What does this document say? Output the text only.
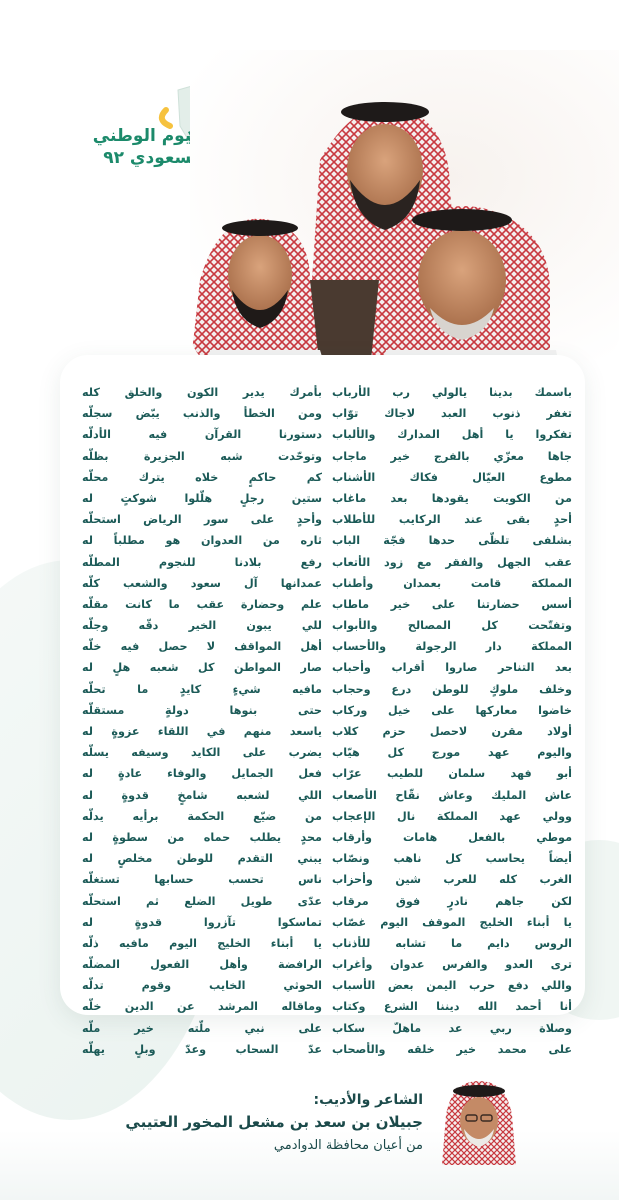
اليوم الوطني
السعودي ٩٢
باسمك بدينا يالولي رب الأرباب
تغفر ذنوب العبد لاجاك توّاب
تفكروا يا أهل المدارك والألباب
جاها معزّي بالفرج خير ماجاب
مطوع العيّال فكاك الأشناب
من الكويت يقودها بعد ماغاب
أحدٍ بقى عند الركايب للأطلاب
بشلفى تلظّى حدها فجّة الباب
عقب الجهل والفقر مع زود الأتعاب
المملكة قامت بعمدان وأطناب
أسس حضارتنا على خير ماطاب
وتفتّحت كل المصالح والأبواب
المملكة دار الرجولة والأحساب
بعد التناحر صاروا أقراب وأحباب
وخلف ملوكٍ للوطن درع وحجاب
خاضوا معاركها على خيل وركاب
أولاد مقرن لاحصل حزم كلاب
واليوم عهد مورج كل هيّاب
أبو فهد سلمان للطيب عرّاب
عاش المليك وعاش نقّاح الأصعاب
وولي عهد المملكة نال الإعجاب
موطي بالفعل هامات وأرقاب
أيضاً يحاسب كل ناهب ونصّاب
الغرب كله للعرب شين وأحزاب
لكن جاهم نادرٍ فوق مرقاب
يا أبناء الخليج الموقف اليوم غصّاب
الروس دايم ما تشابه للأذناب
ترى العدو والفرس عدوان وأغراب
واللي دفع حرب اليمن بعض الأسباب
أنا أحمد الله ديننا الشرع وكتاب
وصلاة ربي عد ماهلّ سكاب
على محمد خير خلقه والأصحاب
بأمرك يدير الكون والخلق كله
ومن الخطأ والذنب يبّض سجلّه
دستورنا القرآن فيه الأدلّه
وتوحّدت شبه الجزيرة بظلّه
كم حاكمٍ خلاه يترك محلّه
ستين رجلٍ هلّلوا شوكتٍ له
وأحدٍ على سور الرياض استحلّه
ثاره من العدوان هو مطلباً له
رفع بلادنا للنجوم المطلّه
عمدانها آل سعود والشعب كلّه
علم وحضارة عقب ما كانت مقلّه
للي يبون الخير دقّه وجلّه
أهل المواقف لا حصل فيه خلّه
صار المواطن كل شعبه هلٍ له
مافيه شيءٍ كايدٍ ما تحلّه
حتى بنوها دولةٍ مستقلّه
ياسعد منهم في اللقاء عزوةٍ له
يضرب على الكايد وسيفه يسلّه
فعل الجمايل والوفاء عادةٍ له
اللي لشعبه شامخٍ قدوةٍ له
من ضيّع الحكمة برأيه يدلّه
محدٍ يطلب حماه من سطوةٍ له
يبني التقدم للوطن مخلصٍ له
ناس تحسب حسابها تستغلّه
عدّى طويل الضلع ثم استحلّه
تماسكوا تآزروا قدوةٍ له
يا أبناء الخليج اليوم مافيه ذلّه
الرافضة وأهل الفعول المضلّه
الحوثي الخايب وقوم تدلّه
وماقاله المرشد عن الدين خلّه
على نبي ملّته خير ملّه
عدّ السحاب وعدّ وبلٍ يهلّه
الشاعر والأديب:
جبيلان بن سعد بن مشعل المخور العتيبي
من أعيان محافظة الدوادمي
